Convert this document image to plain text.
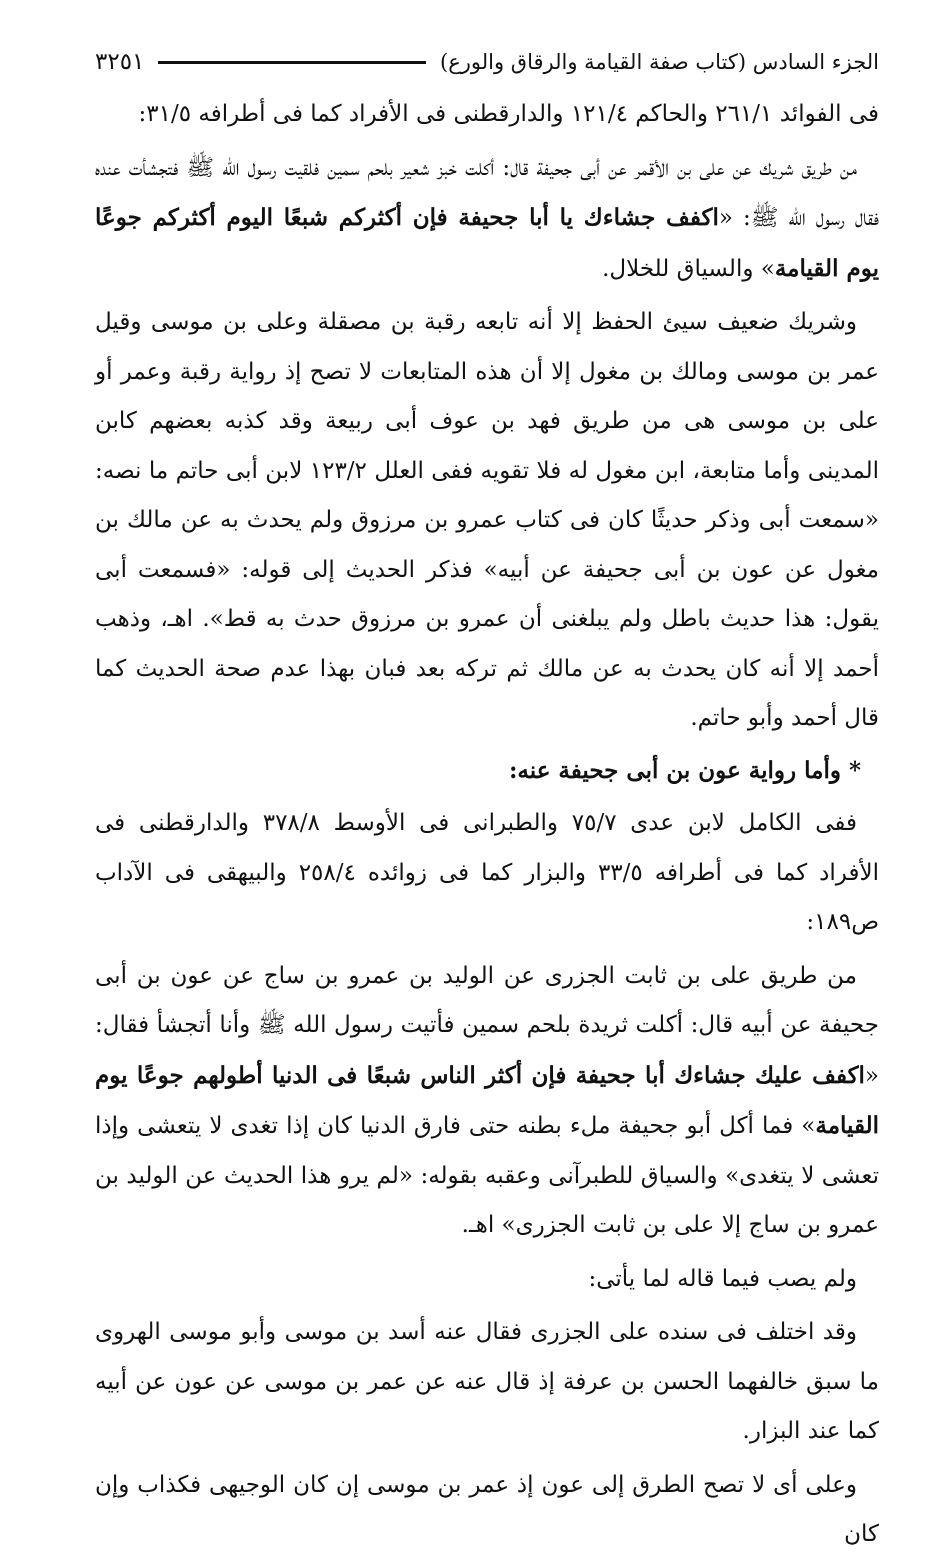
الجزء السادس (كتاب صفة القيامة والرقاق والورع)
٣٢٥١

فى الفوائد ٢٦١/١ والحاكم ١٢١/٤ والدارقطنى فى الأفراد كما فى أطرافه ٣١/٥:

من طريق شريك عن على بن الأقمر عن أبى جحيفة قال: أكلت خبز شعير بلحم سمين فلقيت رسول الله ﷺ فتجشأت عنده فقال رسول الله ﷺ: «اكفف جشاءك يا أبا جحيفة فإن أكثركم شبعًا اليوم أكثركم جوعًا يوم القيامة» والسياق للخلال.

وشريك ضعيف سيئ الحفظ إلا أنه تابعه رقبة بن مصقلة وعلى بن موسى وقيل عمر بن موسى ومالك بن مغول إلا أن هذه المتابعات لا تصح إذ رواية رقبة وعمر أو على بن موسى هى من طريق فهد بن عوف أبى ربيعة وقد كذبه بعضهم كابن المدينى وأما متابعة، ابن مغول له فلا تقويه ففى العلل ١٢٣/٢ لابن أبى حاتم ما نصه: «سمعت أبى وذكر حديثًا كان فى كتاب عمرو بن مرزوق ولم يحدث به عن مالك بن مغول عن عون بن أبى جحيفة عن أبيه» فذكر الحديث إلى قوله: «فسمعت أبى يقول: هذا حديث باطل ولم يبلغنى أن عمرو بن مرزوق حدث به قط». اهـ، وذهب أحمد إلا أنه كان يحدث به عن مالك ثم تركه بعد فبان بهذا عدم صحة الحديث كما قال أحمد وأبو حاتم.

*وأما رواية عون بن أبى جحيفة عنه:

ففى الكامل لابن عدى ٧٥/٧ والطبرانى فى الأوسط ٣٧٨/٨ والدارقطنى فى الأفراد كما فى أطرافه ٣٣/٥ والبزار كما فى زوائده ٢٥٨/٤ والبيهقى فى الآداب ص١٨٩:

من طريق على بن ثابت الجزرى عن الوليد بن عمرو بن ساج عن عون بن أبى جحيفة عن أبيه قال: أكلت ثريدة بلحم سمين فأتيت رسول الله ﷺ وأنا أتجشأ فقال: «اكفف عليك جشاءك أبا جحيفة فإن أكثر الناس شبعًا فى الدنيا أطولهم جوعًا يوم القيامة» فما أكل أبو جحيفة ملء بطنه حتى فارق الدنيا كان إذا تغدى لا يتعشى وإذا تعشى لا يتغدى» والسياق للطبرآنى وعقبه بقوله: «لم يرو هذا الحديث عن الوليد بن عمرو بن ساج إلا على بن ثابت الجزرى» اهـ.

ولم يصب فيما قاله لما يأتى:

وقد اختلف فى سنده على الجزرى فقال عنه أسد بن موسى وأبو موسى الهروى ما سبق خالفهما الحسن بن عرفة إذ قال عنه عن عمر بن موسى عن عون عن أبيه كما عند البزار.

وعلى أى لا تصح الطرق إلى عون إذ عمر بن موسى إن كان الوجيهى فكذاب وإن كان
